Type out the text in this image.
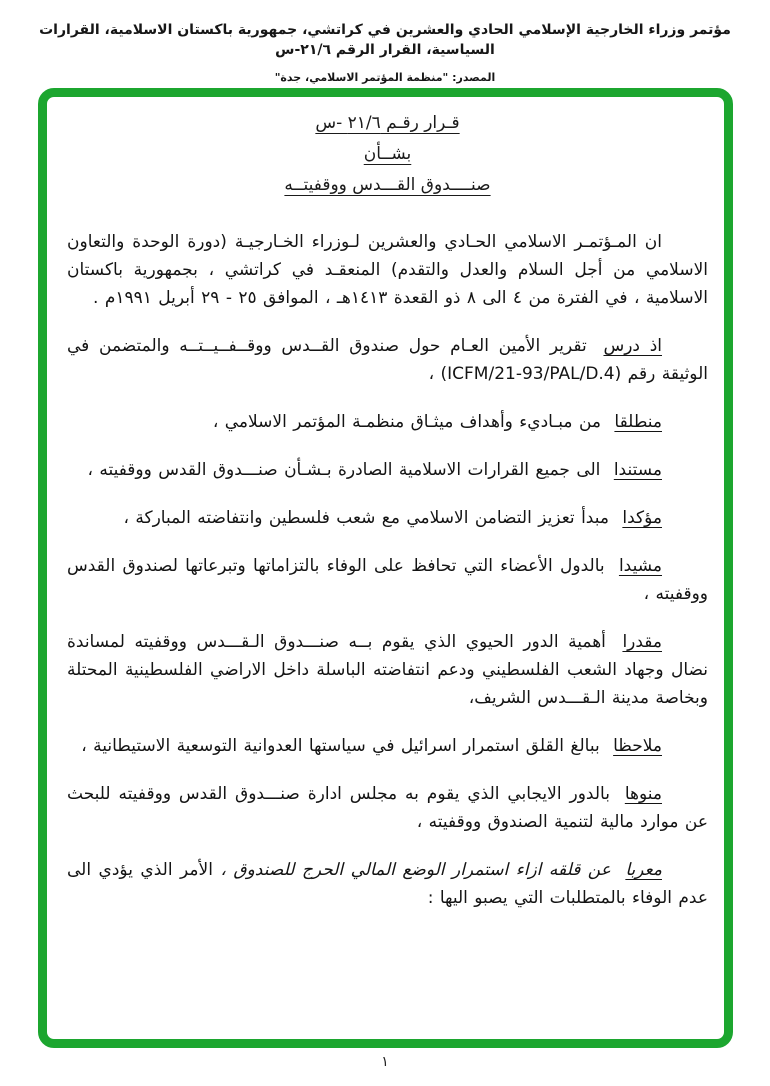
مؤتمر وزراء الخارجية الإسلامي الحادي والعشرين في كراتشي، جمهورية باكستان الاسلامية، القرارات السياسية، القرار الرقم ٢١/٦-س
المصدر: "منظمة المؤتمر الاسلامي، جدة"
قـرار رقـم ٢١/٦ -س
بشــأن
صنــــدوق القـــدس ووقفيتــه

ان المـؤتمـر الاسلامي الحـادي والعشرين لـوزراء الخـارجيـة (دورة الوحدة والتعاون الاسلامي من أجل السلام والعدل والتقدم) المنعقـد في كراتشي ، بجمهورية باكستان الاسلامية ، في الفترة من ٤ الى ٨ ذو القعدة ١٤١٣هـ ، الموافق ٢٥ - ٢٩ أبريل ١٩٩١م .

اذ درس تقرير الأمين العـام حول صندوق القــدس ووقــفــيــتــه والمتضمن في الوثيقة رقم (ICFM/21-93/PAL/D.4) ،

منطلقا من مبـاديء وأهداف ميثـاق منظمـة المؤتمر الاسلامي ،

مستندا الى جميع القرارات الاسلامية الصادرة بـشـأن صنـــدوق القدس ووقفيته ،

مؤكدا مبدأ تعزيز التضامن الاسلامي مع شعب فلسطين وانتفاضته المباركة ،

مشيدا بالدول الأعضاء التي تحافظ على الوفاء بالتزاماتها وتبرعاتها لصندوق القدس ووقفيته ،

مقدرا أهمية الدور الحيوي الذي يقوم بــه صنـــدوق الـقـــدس ووقفيته لمساندة نضال وجهاد الشعب الفلسطيني ودعم انتفاضته الباسلة داخل الاراضي الفلسطينية المحتلة وبخاصة مدينة الـقـــدس الشريف،

ملاحظا ببالغ القلق استمرار اسرائيل في سياستها العدوانية التوسعية الاستيطانية ،

منوها بالدور الايجابي الذي يقوم به مجلس ادارة صنـــدوق القدس ووقفيته للبحث عن موارد مالية لتنمية الصندوق ووقفيته ،

معربا عن قلقه ازاء استمرار الوضع المالي الحرج للصندوق ، الأمر الذي يؤدي الى عدم الوفاء بالمتطلبات التي يصبو اليها :

١
